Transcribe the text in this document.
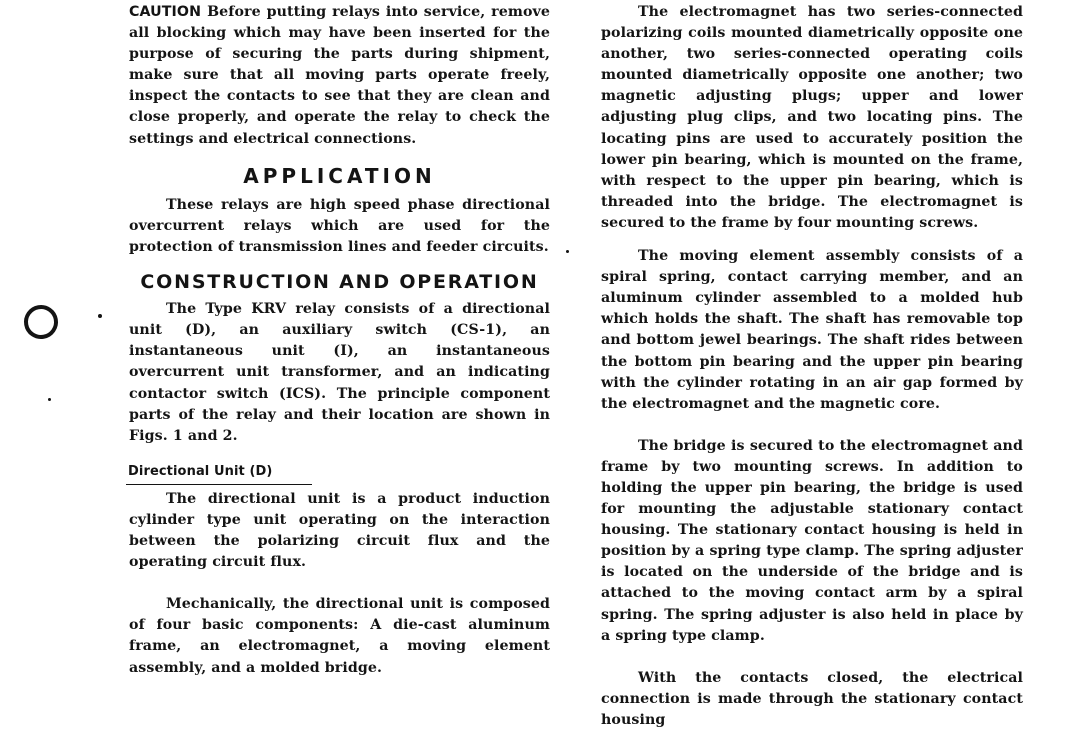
CAUTION Before putting relays into service, remove all blocking which may have been inserted for the purpose of securing the parts during shipment, make sure that all moving parts operate freely, inspect the contacts to see that they are clean and close properly, and operate the relay to check the settings and electrical connections.

APPLICATION

These relays are high speed phase directional overcurrent relays which are used for the protection of transmission lines and feeder circuits.

CONSTRUCTION AND OPERATION

The Type KRV relay consists of a directional unit (D), an auxiliary switch (CS-1), an instantaneous unit (I), an instantaneous overcurrent unit transformer, and an indicating contactor switch (ICS). The principle component parts of the relay and their location are shown in Figs. 1 and 2.

Directional Unit (D)

The directional unit is a product induction cylinder type unit operating on the interaction between the polarizing circuit flux and the operating circuit flux.

Mechanically, the directional unit is composed of four basic components: A die-cast aluminum frame, an electromagnet, a moving element assembly, and a molded bridge.

The electromagnet has two series-connected polarizing coils mounted diametrically opposite one another, two series-connected operating coils mounted diametrically opposite one another; two magnetic adjusting plugs; upper and lower adjusting plug clips, and two locating pins. The locating pins are used to accurately position the lower pin bearing, which is mounted on the frame, with respect to the upper pin bearing, which is threaded into the bridge. The electromagnet is secured to the frame by four mounting screws.

The moving element assembly consists of a spiral spring, contact carrying member, and an aluminum cylinder assembled to a molded hub which holds the shaft. The shaft has removable top and bottom jewel bearings. The shaft rides between the bottom pin bearing and the upper pin bearing with the cylinder rotating in an air gap formed by the electromagnet and the magnetic core.

The bridge is secured to the electromagnet and frame by two mounting screws. In addition to holding the upper pin bearing, the bridge is used for mounting the adjustable stationary contact housing. The stationary contact housing is held in position by a spring type clamp. The spring adjuster is located on the underside of the bridge and is attached to the moving contact arm by a spiral spring. The spring adjuster is also held in place by a spring type clamp.

With the contacts closed, the electrical connection is made through the stationary contact housing
